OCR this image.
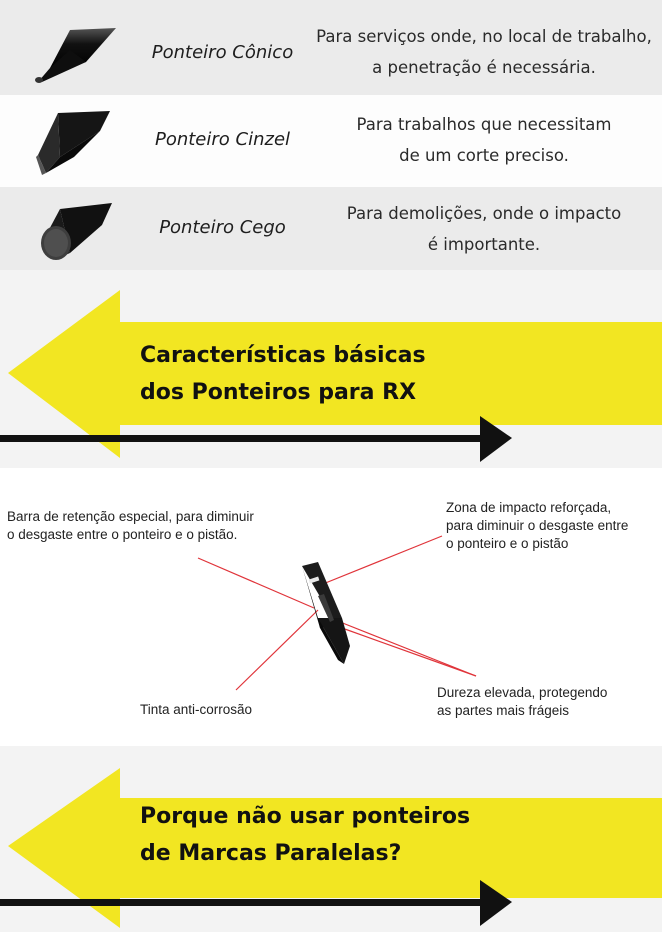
Ponteiro Cônico
Para serviços onde, no local de trabalho,
a penetração é necessária.
Ponteiro Cinzel
Para trabalhos que necessitam
de um corte preciso.
Ponteiro Cego
Para demolições, onde o impacto
é importante.
Características básicas
dos Ponteiros para RX
Barra de retenção especial, para diminuir
o desgaste entre o ponteiro e o pistão.
Zona de impacto reforçada,
para diminuir o desgaste entre
o ponteiro e o pistão
Tinta anti-corrosão
Dureza elevada, protegendo
as partes mais frágeis
Porque não usar ponteiros
de Marcas Paralelas?
